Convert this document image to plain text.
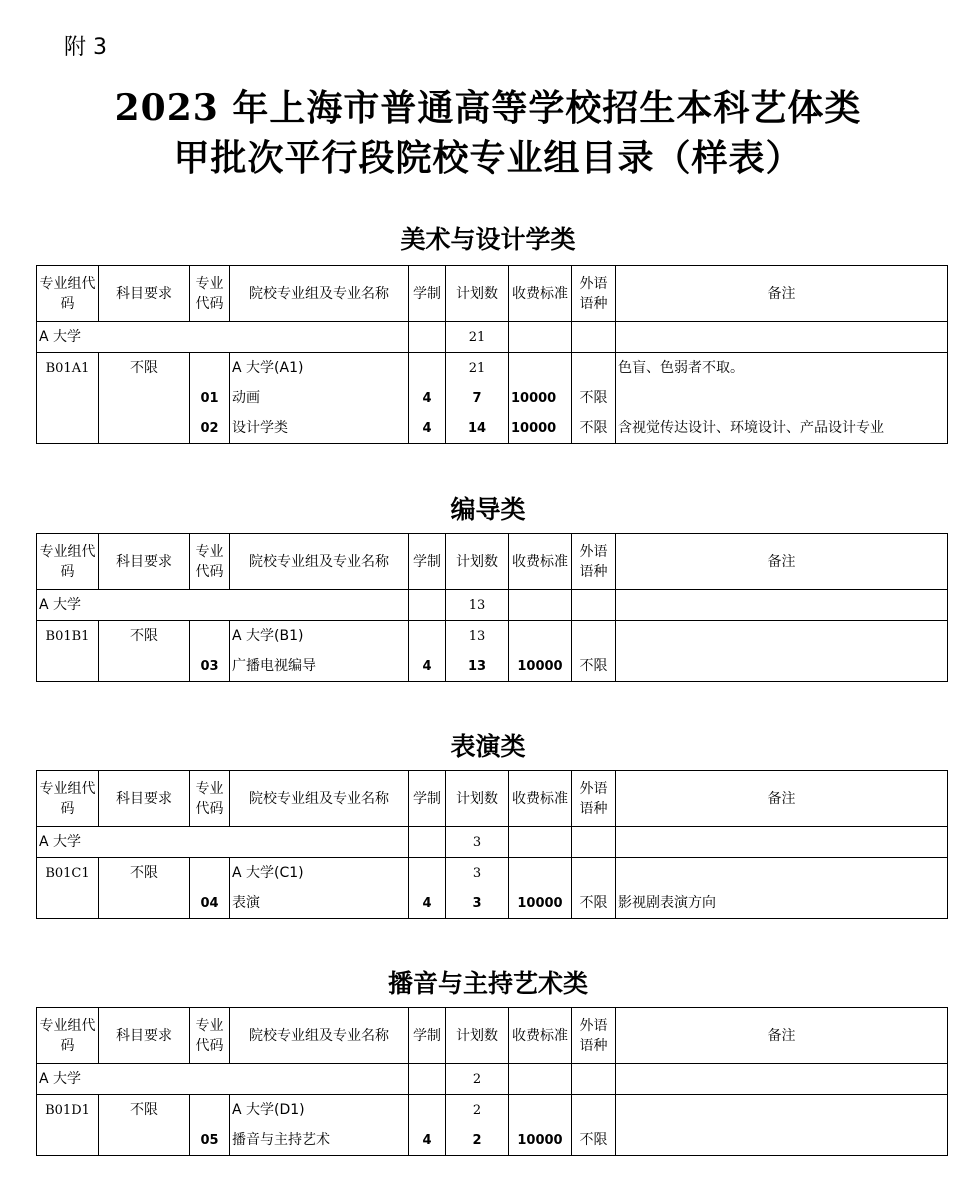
附 3
2023 年上海市普通高等学校招生本科艺体类
甲批次平行段院校专业组目录（样表）
美术与设计学类
专业组代码	科目要求	专业代码	院校专业组及专业名称	学制	计划数	收费标准	外语语种	备注
A 大学					21			
B01A1	不限		A 大学(A1)		21			色盲、色弱者不取。
		01	动画	4	7	10000	不限	
		02	设计学类	4	14	10000	不限	含视觉传达设计、环境设计、产品设计专业
编导类
专业组代码	科目要求	专业代码	院校专业组及专业名称	学制	计划数	收费标准	外语语种	备注
A 大学					13			
B01B1	不限		A 大学(B1)		13			
		03	广播电视编导	4	13	10000	不限	
表演类
专业组代码	科目要求	专业代码	院校专业组及专业名称	学制	计划数	收费标准	外语语种	备注
A 大学					3			
B01C1	不限		A 大学(C1)		3			
		04	表演	4	3	10000	不限	影视剧表演方向
播音与主持艺术类
专业组代码	科目要求	专业代码	院校专业组及专业名称	学制	计划数	收费标准	外语语种	备注
A 大学					2			
B01D1	不限		A 大学(D1)		2			
		05	播音与主持艺术	4	2	10000	不限	
